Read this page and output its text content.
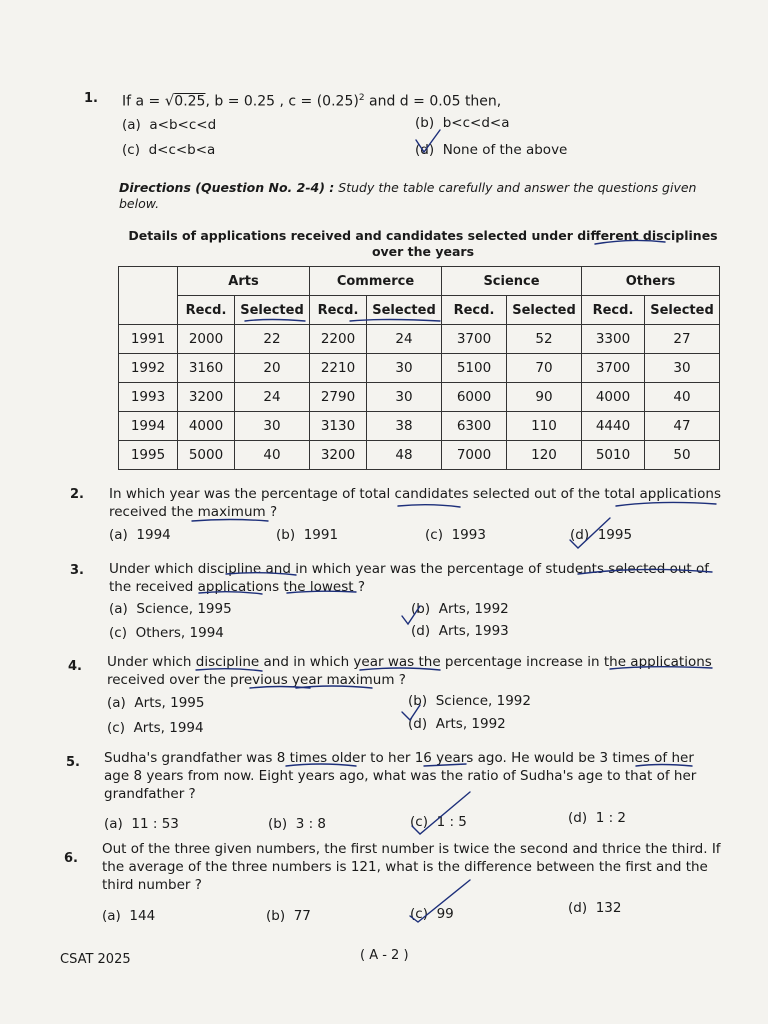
1. If a = √0.25, b = 0.25 , $c = (0.25)^2$ and d = 0.05 then,
(a) a<b<c<d	(b) b<c<d<a
(c) d<c<b<a	(d) None of the above
Directions (Question No. 2-4) : Study the table carefully and answer the questions given below.
Details of applications received and candidates selected under different disciplines over the years
	Arts		Commerce		Science		Others	
	Recd.	Selected	Recd.	Selected	Recd.	Selected	Recd.	Selected
1991	2000	22	2200	24	3700	52	3300	27
1992	3160	20	2210	30	5100	70	3700	30
1993	3200	24	2790	30	6000	90	4000	40
1994	4000	30	3130	38	6300	110	4440	47
1995	5000	40	3200	48	7000	120	5010	50
2. In which year was the percentage of total candidates selected out of the total applications received the maximum ?
(a) 1994	(b) 1991	(c) 1993	(d) 1995
3. Under which discipline and in which year was the percentage of students selected out of the received applications the lowest ?
(a) Science, 1995	(b) Arts, 1992
(c) Others, 1994	(d) Arts, 1993
4. Under which discipline and in which year was the percentage increase in the applications received over the previous year maximum ?
(a) Arts, 1995	(b) Science, 1992
(c) Arts, 1994	(d) Arts, 1992
5. Sudha's grandfather was 8 times older to her 16 years ago. He would be 3 times of her age 8 years from now. Eight years ago, what was the ratio of Sudha's age to that of her grandfather ?
(a) 11 : 53	(b) 3 : 8	(c) 1 : 5	(d) 1 : 2
6.
Out of the three given numbers, the first number is twice the second and thrice the third. If the average of the three numbers is 121, what is the difference between the first and the third number ?
(a) 144	(b) 77	(c) 99	(d) 132
CSAT 2025	( A - 2 )
